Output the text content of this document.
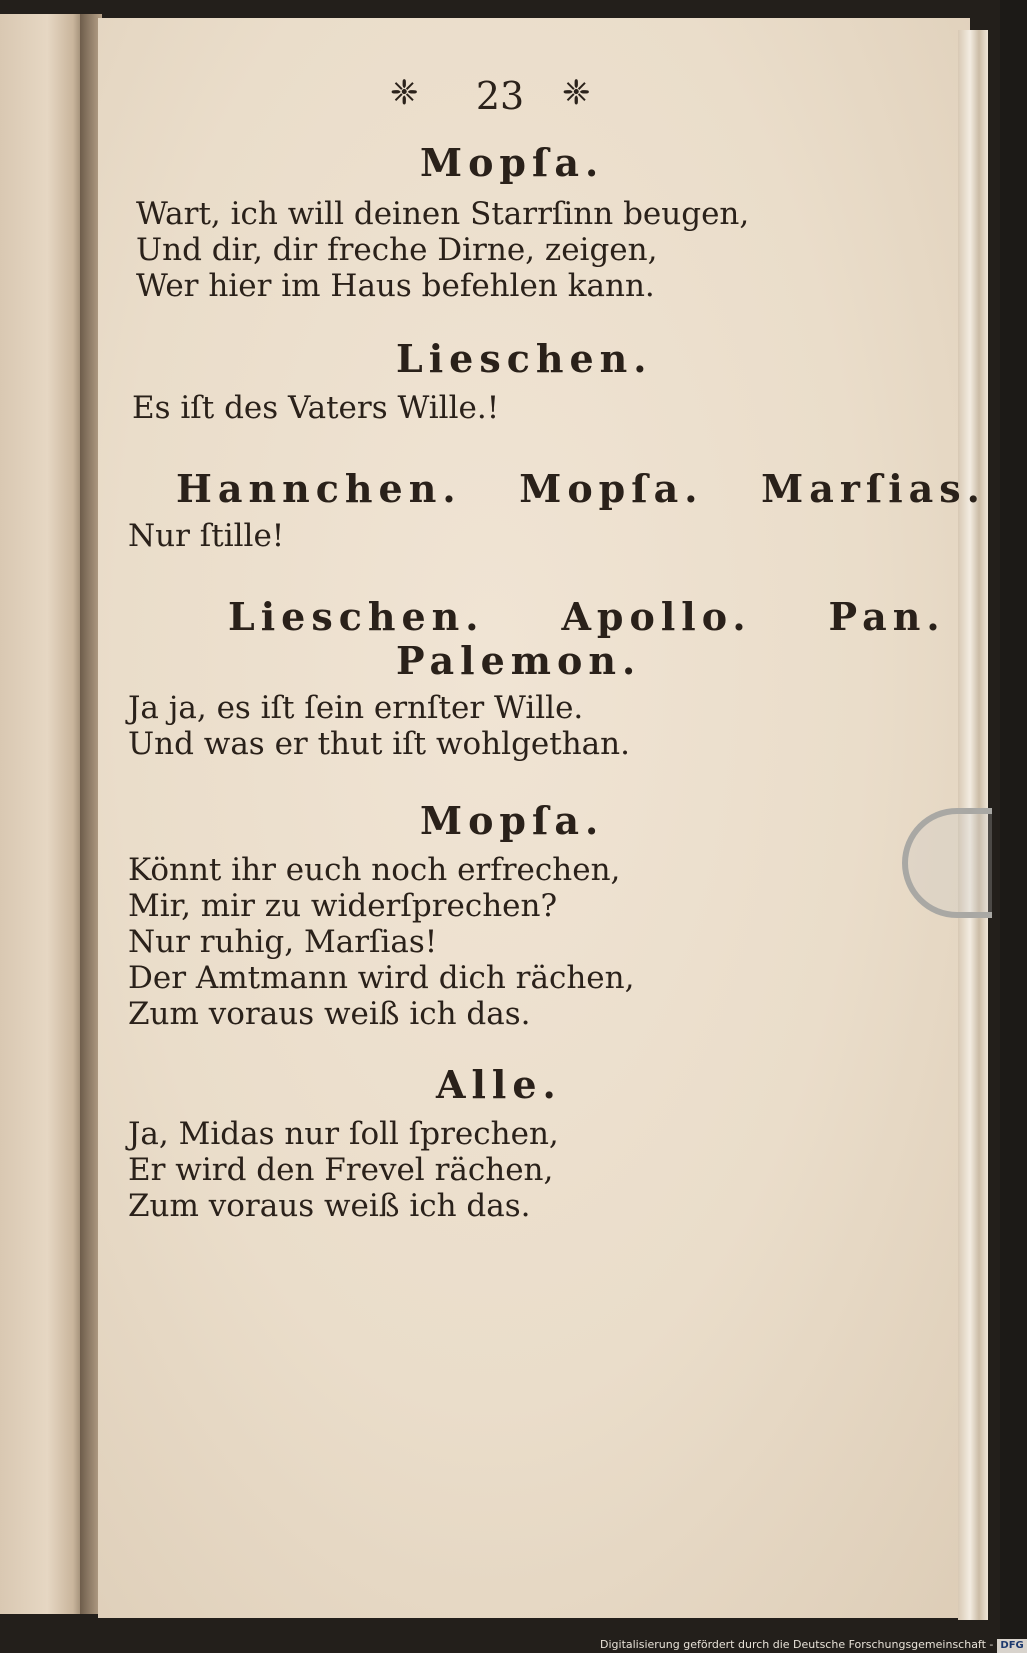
❈	23	❈
Mopſa.
Wart, ich will deinen Starrſinn beugen,
Und dir, dir freche Dirne, zeigen,
Wer hier im Haus befehlen kann.
Lieschen.
Es iſt des Vaters Wille.!
Hannchen.   Mopſa.   Marſias.
Nur ſtille!
Lieschen.    Apollo.    Pan.
Palemon.
Ja ja, es iſt ſein ernſter Wille.
Und was er thut iſt wohlgethan.
Mopſa.
Könnt ihr euch noch erfrechen,
Mir, mir zu widerſprechen?
Nur ruhig, Marſias!
Der Amtmann wird dich rächen,
Zum voraus weiß ich das.
Alle.
Ja, Midas nur ſoll ſprechen,
Er wird den Frevel rächen,
Zum voraus weiß ich das.
Digitalisierung gefördert durch die Deutsche Forschungsgemeinschaft - DFG
